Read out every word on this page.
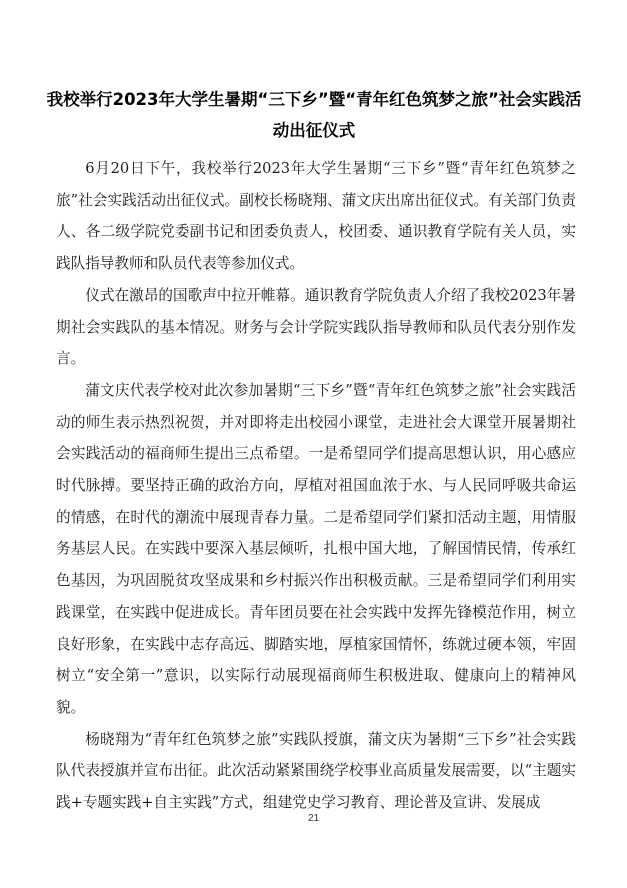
我校举行2023年大学生暑期“三下乡”暨“青年红色筑梦之旅”社会实践活动出征仪式

6月20日下午，我校举行2023年大学生暑期“三下乡”暨“青年红色筑梦之旅”社会实践活动出征仪式。副校长杨晓翔、蒲文庆出席出征仪式。有关部门负责人、各二级学院党委副书记和团委负责人，校团委、通识教育学院有关人员，实践队指导教师和队员代表等参加仪式。

仪式在激昂的国歌声中拉开帷幕。通识教育学院负责人介绍了我校2023年暑期社会实践队的基本情况。财务与会计学院实践队指导教师和队员代表分别作发言。

蒲文庆代表学校对此次参加暑期“三下乡”暨“青年红色筑梦之旅”社会实践活动的师生表示热烈祝贺，并对即将走出校园小课堂，走进社会大课堂开展暑期社会实践活动的福商师生提出三点希望。一是希望同学们提高思想认识，用心感应时代脉搏。要坚持正确的政治方向，厚植对祖国血浓于水、与人民同呼吸共命运的情感，在时代的潮流中展现青春力量。二是希望同学们紧扣活动主题，用情服务基层人民。在实践中要深入基层倾听，扎根中国大地，了解国情民情，传承红色基因，为巩固脱贫攻坚成果和乡村振兴作出积极贡献。三是希望同学们利用实践课堂，在实践中促进成长。青年团员要在社会实践中发挥先锋模范作用，树立良好形象，在实践中志存高远、脚踏实地，厚植家国情怀，练就过硬本领，牢固树立“安全第一”意识，以实际行动展现福商师生积极进取、健康向上的精神风貌。

杨晓翔为“青年红色筑梦之旅”实践队授旗，蒲文庆为暑期“三下乡”社会实践队代表授旗并宣布出征。此次活动紧紧围绕学校事业高质量发展需要，以“主题实践+专题实践+自主实践”方式，组建党史学习教育、理论普及宣讲、发展成

21
